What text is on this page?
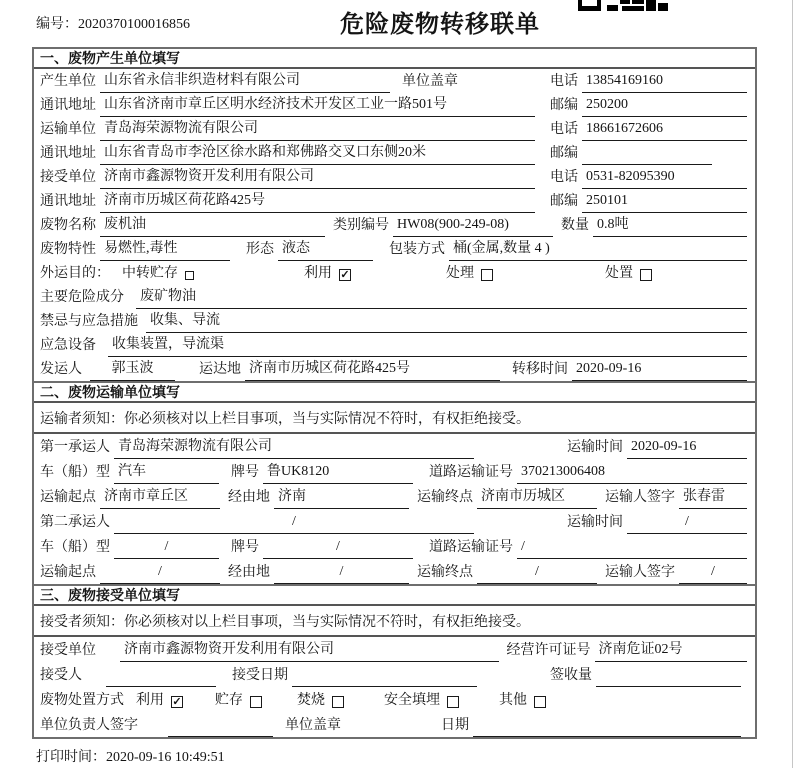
编号：2020370100016856	危险废物转移联单
一、废物产生单位填写
产生单位 山东省永信非织造材料有限公司	单位盖章	电话 13854169160
通讯地址 山东省济南市章丘区明水经济技术开发区工业一路501号	邮编 250200
运输单位 青岛海荣源物流有限公司	电话 18661672606
通讯地址 山东省青岛市李沧区徐水路和郑佛路交叉口东侧20米	邮编
接受单位 济南市鑫源物资开发利用有限公司	电话 0531-82095390
通讯地址 济南市历城区荷花路425号	邮编 250101
废物名称 废机油	类别编号 HW08(900-249-08)	数量 0.8吨
废物特性 易燃性,毒性	形态 液态	包装方式 桶(金属,数量 4 )
外运目的： 中转贮存	利用 ✓	处理	处置
主要危险成分 废矿物油
禁忌与应急措施 收集、导流
应急设备 收集装置，导流渠
发运人	郭玉波	运达地 济南市历城区荷花路425号	转移时间 2020-09-16
二、废物运输单位填写
运输者须知：你必须核对以上栏目事项，当与实际情况不符时，有权拒绝接受。
第一承运人 青岛海荣源物流有限公司	运输时间 2020-09-16
车（船）型 汽车	牌号 鲁UK8120	道路运输证号 370213006408
运输起点 济南市章丘区	经由地 济南	运输终点 济南市历城区	运输人签字 张春雷
第二承运人	/	运输时间	/
车（船）型	/	牌号	/	道路运输证号 /
运输起点	/	经由地	/	运输终点	/	运输人签字	/
三、废物接受单位填写
接受者须知：你必须核对以上栏目事项，当与实际情况不符时，有权拒绝接受。
接受单位 济南市鑫源物资开发利用有限公司	经营许可证号 济南危证02号
接受人	接受日期	签收量
废物处置方式 利用 ✓ 贮存	焚烧	安全填埋	其他
单位负责人签字	单位盖章	日期
打印时间：2020-09-16 10:49:51
